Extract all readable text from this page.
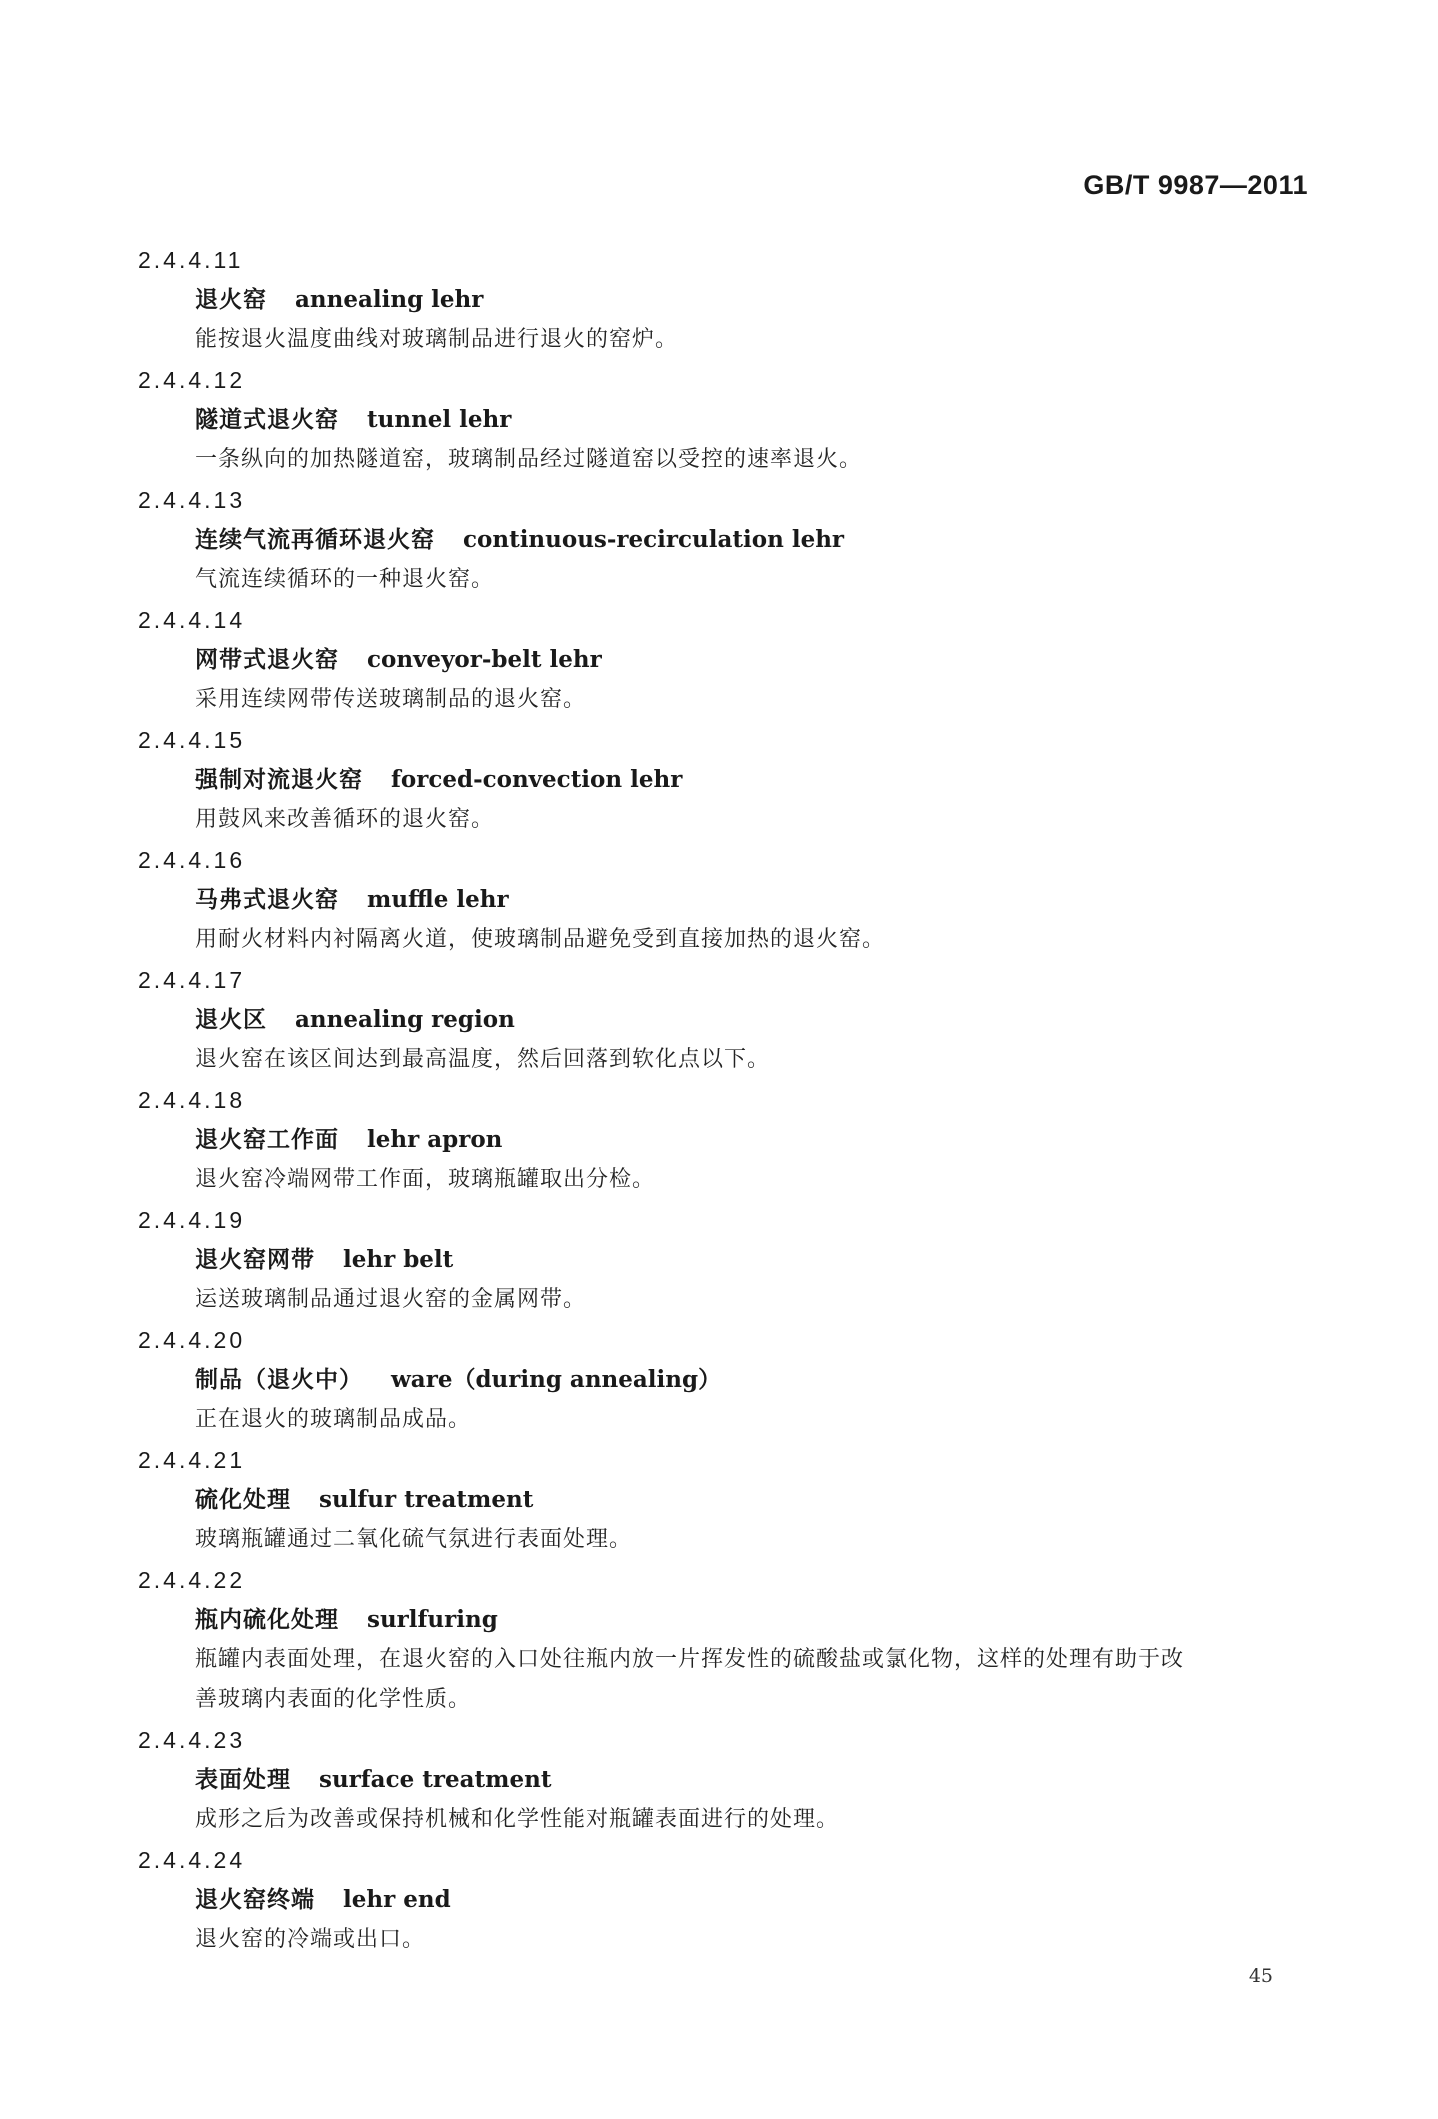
GB/T 9987—2011
2.4.4.11
退火窑 annealing lehr
能按退火温度曲线对玻璃制品进行退火的窑炉。
2.4.4.12
隧道式退火窑 tunnel lehr
一条纵向的加热隧道窑，玻璃制品经过隧道窑以受控的速率退火。
2.4.4.13
连续气流再循环退火窑 continuous-recirculation lehr
气流连续循环的一种退火窑。
2.4.4.14
网带式退火窑 conveyor-belt lehr
采用连续网带传送玻璃制品的退火窑。
2.4.4.15
强制对流退火窑 forced-convection lehr
用鼓风来改善循环的退火窑。
2.4.4.16
马弗式退火窑 muffle lehr
用耐火材料内衬隔离火道，使玻璃制品避免受到直接加热的退火窑。
2.4.4.17
退火区 annealing region
退火窑在该区间达到最高温度，然后回落到软化点以下。
2.4.4.18
退火窑工作面 lehr apron
退火窑冷端网带工作面，玻璃瓶罐取出分检。
2.4.4.19
退火窑网带 lehr belt
运送玻璃制品通过退火窑的金属网带。
2.4.4.20
制品（退火中） ware（during annealing）
正在退火的玻璃制品成品。
2.4.4.21
硫化处理 sulfur treatment
玻璃瓶罐通过二氧化硫气氛进行表面处理。
2.4.4.22
瓶内硫化处理 surlfuring
瓶罐内表面处理，在退火窑的入口处往瓶内放一片挥发性的硫酸盐或氯化物，这样的处理有助于改
善玻璃内表面的化学性质。
2.4.4.23
表面处理 surface treatment
成形之后为改善或保持机械和化学性能对瓶罐表面进行的处理。
2.4.4.24
退火窑终端 lehr end
退火窑的冷端或出口。
45
